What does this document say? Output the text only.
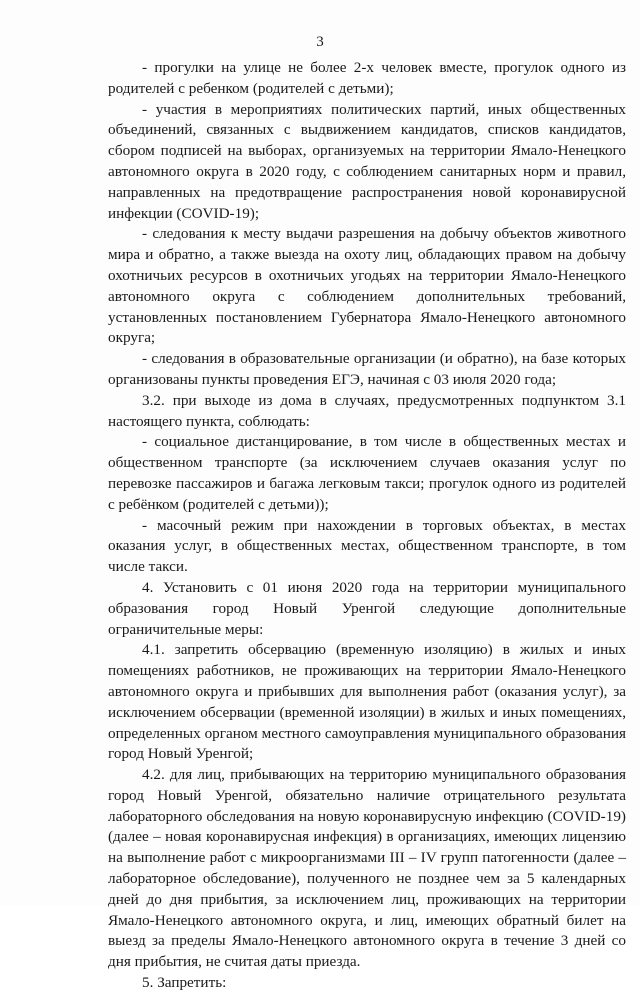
3

- прогулки на улице не более 2-х человек вместе, прогулок одного из родителей с ребенком (родителей с детьми);

- участия в мероприятиях политических партий, иных общественных объединений, связанных с выдвижением кандидатов, списков кандидатов, сбором подписей на выборах, организуемых на территории Ямало-Ненецкого автономного округа в 2020 году, с соблюдением санитарных норм и правил, направленных на предотвращение распространения новой коронавирусной инфекции (COVID-19);

- следования к месту выдачи разрешения на добычу объектов животного мира и обратно, а также выезда на охоту лиц, обладающих правом на добычу охотничьих ресурсов в охотничьих угодьях на территории Ямало-Ненецкого автономного округа с соблюдением дополнительных требований, установленных постановлением Губернатора Ямало-Ненецкого автономного округа;

- следования в образовательные организации (и обратно), на базе которых организованы пункты проведения ЕГЭ, начиная с 03 июля 2020 года;

3.2. при выходе из дома в случаях, предусмотренных подпунктом 3.1 настоящего пункта, соблюдать:

- социальное дистанцирование, в том числе в общественных местах и общественном транспорте (за исключением случаев оказания услуг по перевозке пассажиров и багажа легковым такси; прогулок одного из родителей с ребёнком (родителей с детьми));

- масочный режим при нахождении в торговых объектах, в местах оказания услуг, в общественных местах, общественном транспорте, в том числе такси.

4. Установить с 01 июня 2020 года на территории муниципального образования город Новый Уренгой следующие дополнительные ограничительные меры:

4.1. запретить обсервацию (временную изоляцию) в жилых и иных помещениях работников, не проживающих на территории Ямало-Ненецкого автономного округа и прибывших для выполнения работ (оказания услуг), за исключением обсервации (временной изоляции) в жилых и иных помещениях, определенных органом местного самоуправления муниципального образования город Новый Уренгой;

4.2. для лиц, прибывающих на территорию муниципального образования город Новый Уренгой, обязательно наличие отрицательного результата лабораторного обследования на новую коронавирусную инфекцию (COVID-19) (далее – новая коронавирусная инфекция) в организациях, имеющих лицензию на выполнение работ с микроорганизмами III – IV групп патогенности (далее – лабораторное обследование), полученного не позднее чем за 5 календарных дней до дня прибытия, за исключением лиц, проживающих на территории Ямало-Ненецкого автономного округа, и лиц, имеющих обратный билет на выезд за пределы Ямало-Ненецкого автономного округа в течение 3 дней со дня прибытия, не считая даты приезда.

5. Запретить:
